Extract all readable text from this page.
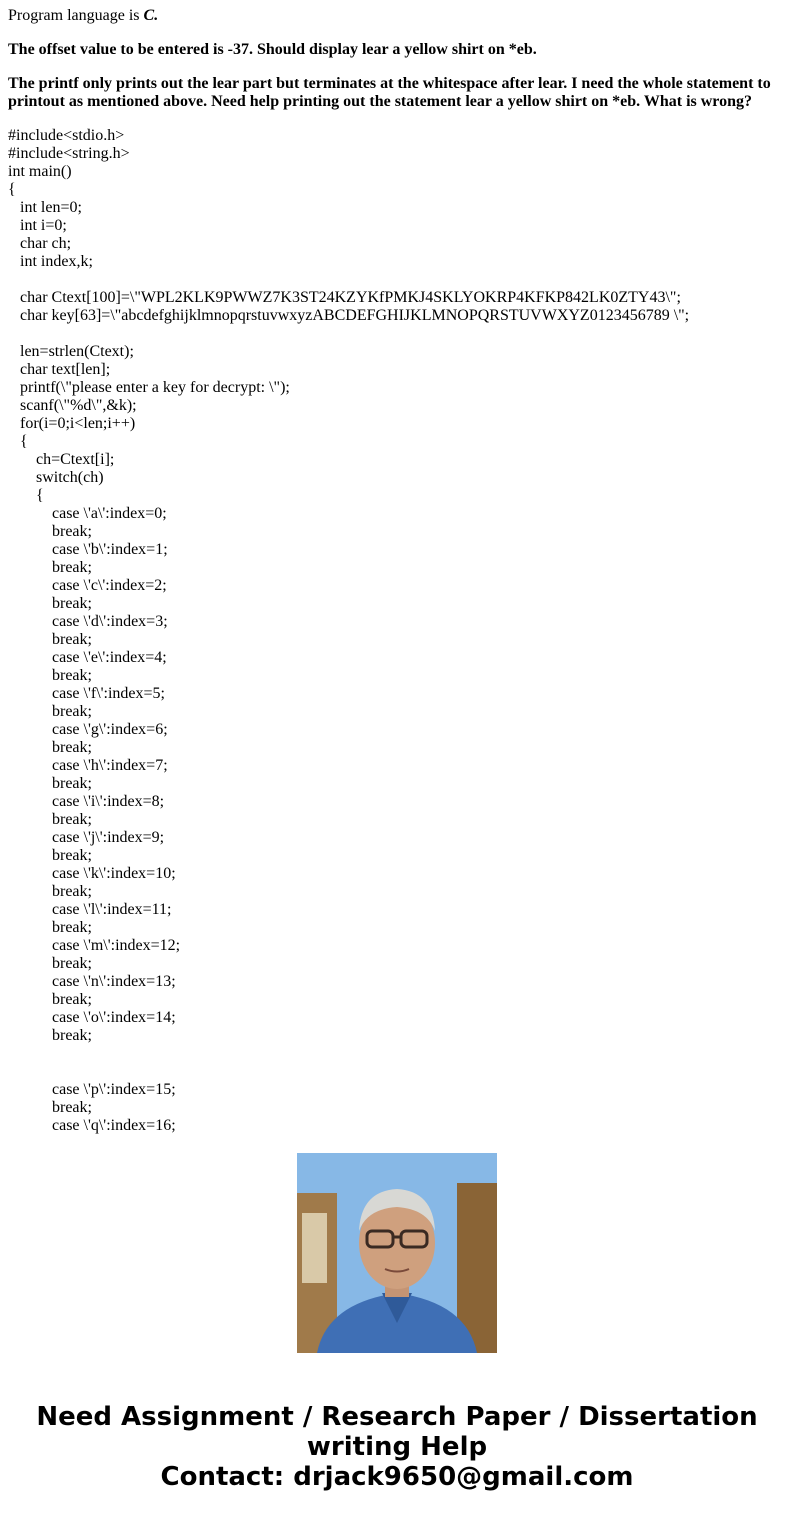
Program language is C.

The offset value to be entered is -37. Should display lear a yellow shirt on *eb.

The printf only prints out the lear part but terminates at the whitespace after lear. I need the whole statement to printout as mentioned above. Need help printing out the statement lear a yellow shirt on *eb. What is wrong?

#include<stdio.h>
#include<string.h>
int main()
{
int len=0;
int i=0;
char ch;
int index,k;

char Ctext[100]=\"WPL2KLK9PWWZ7K3ST24KZYKfPMKJ4SKLYOKRP4KFKP842LK0ZTY43\";
char key[63]=\"abcdefghijklmnopqrstuvwxyzABCDEFGHIJKLMNOPQRSTUVWXYZ0123456789 \";

len=strlen(Ctext);
char text[len];
printf(\"please enter a key for decrypt: \");
scanf(\"%d\",&k);
for(i=0;i<len;i++)
{
ch=Ctext[i];
switch(ch)
{
case \'a\':index=0;
break;
case \'b\':index=1;
break;
case \'c\':index=2;
break;
case \'d\':index=3;
break;
case \'e\':index=4;
break;
case \'f\':index=5;
break;
case \'g\':index=6;
break;
case \'h\':index=7;
break;
case \'i\':index=8;
break;
case \'j\':index=9;
break;
case \'k\':index=10;
break;
case \'l\':index=11;
break;
case \'m\':index=12;
break;
case \'n\':index=13;
break;
case \'o\':index=14;
break;

case \'p\':index=15;
break;
case \'q\':index=16;
Need Assignment / Research Paper / Dissertation
writing Help
Contact: drjack9650@gmail.com
